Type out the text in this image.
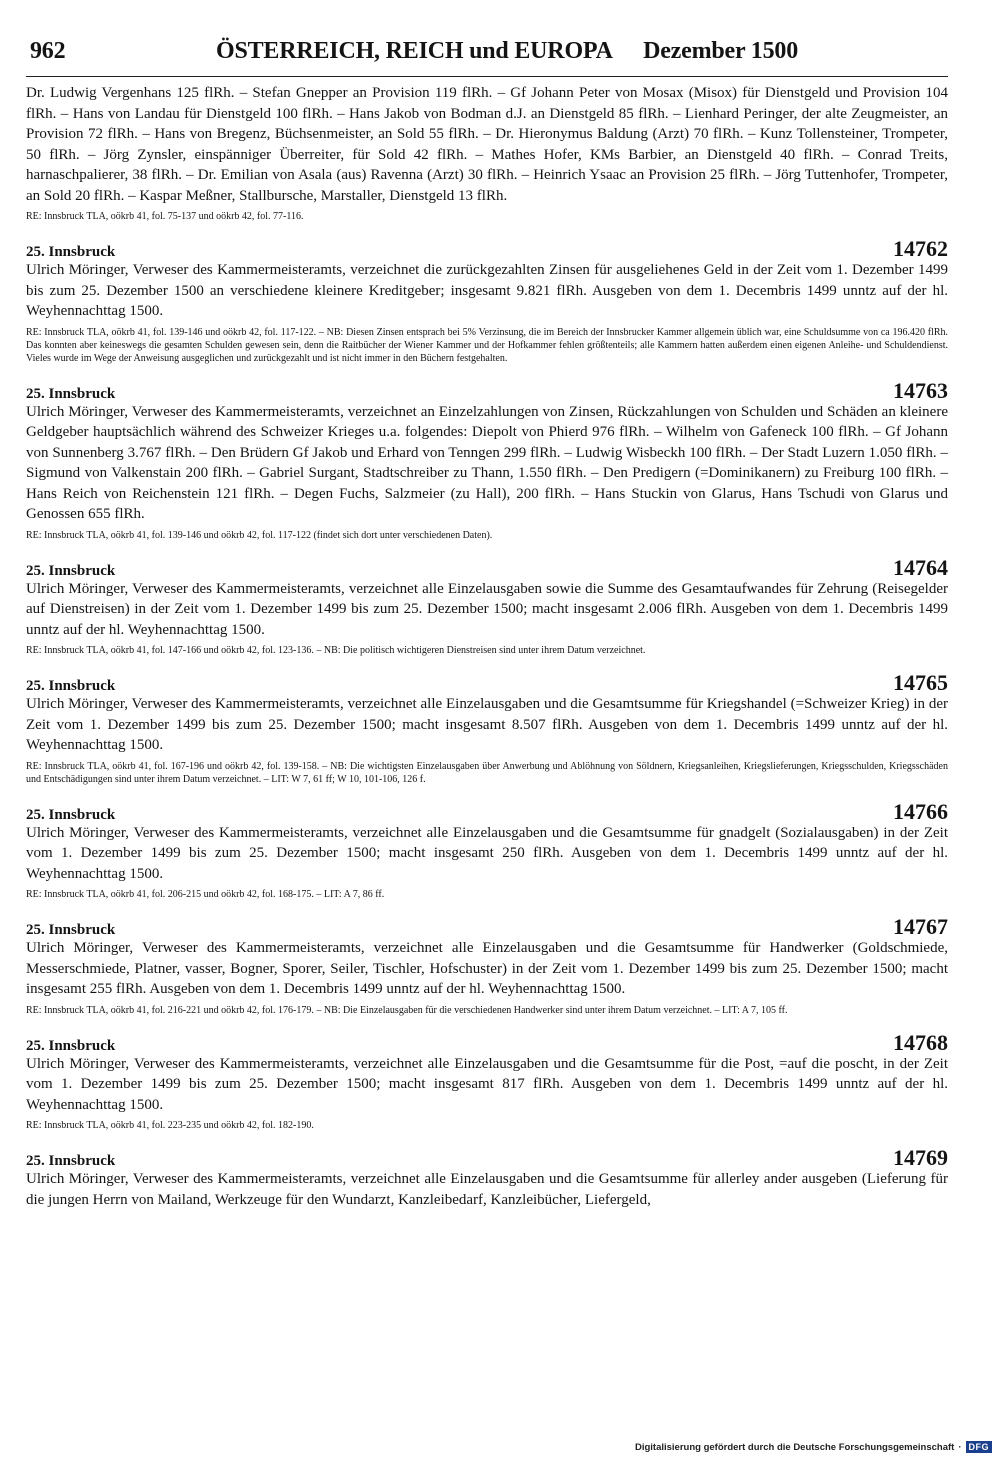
962	ÖSTERREICH, REICH und EUROPA Dezember 1500

Dr. Ludwig Vergenhans 125 flRh. – Stefan Gnepper an Provision 119 flRh. – Gf Johann Peter von Mosax (Misox) für Dienstgeld und Provision 104 flRh. – Hans von Landau für Dienstgeld 100 flRh. – Hans Jakob von Bodman d.J. an Dienstgeld 85 flRh. – Lienhard Peringer, der alte Zeugmeister, an Provision 72 flRh. – Hans von Bregenz, Büchsenmeister, an Sold 55 flRh. – Dr. Hieronymus Baldung (Arzt) 70 flRh. – Kunz Tollensteiner, Trompeter, 50 flRh. – Jörg Zynsler, einspänniger Überreiter, für Sold 42 flRh. – Mathes Hofer, KMs Barbier, an Dienstgeld 40 flRh. – Conrad Treits, harnaschpalierer, 38 flRh. – Dr. Emilian von Asala (aus) Ravenna (Arzt) 30 flRh. – Heinrich Ysaac an Provision 25 flRh. – Jörg Tuttenhofer, Trompeter, an Sold 20 flRh. – Kaspar Meßner, Stallbursche, Marstaller, Dienstgeld 13 flRh.

RE: Innsbruck TLA, oökrb 41, fol. 75-137 und oökrb 42, fol. 77-116.

25. Innsbruck	14762

Ulrich Möringer, Verweser des Kammermeisteramts, verzeichnet die zurückgezahlten Zinsen für ausgeliehenes Geld in der Zeit vom 1. Dezember 1499 bis zum 25. Dezember 1500 an verschiedene kleinere Kreditgeber; insgesamt 9.821 flRh. Ausgeben von dem 1. Decembris 1499 unntz auf der hl. Weyhennachttag 1500.

RE: Innsbruck TLA, oökrb 41, fol. 139-146 und oökrb 42, fol. 117-122. – NB: Diesen Zinsen entsprach bei 5% Verzinsung, die im Bereich der Innsbrucker Kammer allgemein üblich war, eine Schuldsumme von ca 196.420 flRh. Das konnten aber keineswegs die gesamten Schulden gewesen sein, denn die Raitbücher der Wiener Kammer und der Hofkammer fehlen größtenteils; alle Kammern hatten außerdem einen eigenen Anleihe- und Schuldendienst. Vieles wurde im Wege der Anweisung ausgeglichen und zurückgezahlt und ist nicht immer in den Büchern festgehalten.

25. Innsbruck	14763

Ulrich Möringer, Verweser des Kammermeisteramts, verzeichnet an Einzelzahlungen von Zinsen, Rückzahlungen von Schulden und Schäden an kleinere Geldgeber hauptsächlich während des Schweizer Krieges u.a. folgendes: Diepolt von Phierd 976 flRh. – Wilhelm von Gafeneck 100 flRh. – Gf Johann von Sunnenberg 3.767 flRh. – Den Brüdern Gf Jakob und Erhard von Tenngen 299 flRh. – Ludwig Wisbeckh 100 flRh. – Der Stadt Luzern 1.050 flRh. – Sigmund von Valkenstain 200 flRh. – Gabriel Surgant, Stadtschreiber zu Thann, 1.550 flRh. – Den Predigern (=Dominikanern) zu Freiburg 100 flRh. – Hans Reich von Reichenstein 121 flRh. – Degen Fuchs, Salzmeier (zu Hall), 200 flRh. – Hans Stuckin von Glarus, Hans Tschudi von Glarus und Genossen 655 flRh.

RE: Innsbruck TLA, oökrb 41, fol. 139-146 und oökrb 42, fol. 117-122 (findet sich dort unter verschiedenen Daten).

25. Innsbruck	14764

Ulrich Möringer, Verweser des Kammermeisteramts, verzeichnet alle Einzelausgaben sowie die Summe des Gesamtaufwandes für Zehrung (Reisegelder auf Dienstreisen) in der Zeit vom 1. Dezember 1499 bis zum 25. Dezember 1500; macht insgesamt 2.006 flRh. Ausgeben von dem 1. Decembris 1499 unntz auf der hl. Weyhennachttag 1500.

RE: Innsbruck TLA, oökrb 41, fol. 147-166 und oökrb 42, fol. 123-136. – NB: Die politisch wichtigeren Dienstreisen sind unter ihrem Datum verzeichnet.

25. Innsbruck	14765

Ulrich Möringer, Verweser des Kammermeisteramts, verzeichnet alle Einzelausgaben und die Gesamtsumme für Kriegshandel (=Schweizer Krieg) in der Zeit vom 1. Dezember 1499 bis zum 25. Dezember 1500; macht insgesamt 8.507 flRh. Ausgeben von dem 1. Decembris 1499 unntz auf der hl. Weyhennachttag 1500.

RE: Innsbruck TLA, oökrb 41, fol. 167-196 und oökrb 42, fol. 139-158. – NB: Die wichtigsten Einzelausgaben über Anwerbung und Ablöhnung von Söldnern, Kriegsanleihen, Kriegslieferungen, Kriegsschulden, Kriegsschäden und Entschädigungen sind unter ihrem Datum verzeichnet. – LIT: W 7, 61 ff; W 10, 101-106, 126 f.

25. Innsbruck	14766

Ulrich Möringer, Verweser des Kammermeisteramts, verzeichnet alle Einzelausgaben und die Gesamtsumme für gnadgelt (Sozialausgaben) in der Zeit vom 1. Dezember 1499 bis zum 25. Dezember 1500; macht insgesamt 250 flRh. Ausgeben von dem 1. Decembris 1499 unntz auf der hl. Weyhennachttag 1500.

RE: Innsbruck TLA, oökrb 41, fol. 206-215 und oökrb 42, fol. 168-175. – LIT: A 7, 86 ff.

25. Innsbruck	14767

Ulrich Möringer, Verweser des Kammermeisteramts, verzeichnet alle Einzelausgaben und die Gesamtsumme für Handwerker (Goldschmiede, Messerschmiede, Platner, vasser, Bogner, Sporer, Seiler, Tischler, Hofschuster) in der Zeit vom 1. Dezember 1499 bis zum 25. Dezember 1500; macht insgesamt 255 flRh. Ausgeben von dem 1. Decembris 1499 unntz auf der hl. Weyhennachttag 1500.

RE: Innsbruck TLA, oökrb 41, fol. 216-221 und oökrb 42, fol. 176-179. – NB: Die Einzelausgaben für die verschiedenen Handwerker sind unter ihrem Datum verzeichnet. – LIT: A 7, 105 ff.

25. Innsbruck	14768

Ulrich Möringer, Verweser des Kammermeisteramts, verzeichnet alle Einzelausgaben und die Gesamtsumme für die Post, =auf die poscht, in der Zeit vom 1. Dezember 1499 bis zum 25. Dezember 1500; macht insgesamt 817 flRh. Ausgeben von dem 1. Decembris 1499 unntz auf der hl. Weyhennachttag 1500.

RE: Innsbruck TLA, oökrb 41, fol. 223-235 und oökrb 42, fol. 182-190.

25. Innsbruck	14769

Ulrich Möringer, Verweser des Kammermeisteramts, verzeichnet alle Einzelausgaben und die Gesamtsumme für allerley ander ausgeben (Lieferung für die jungen Herrn von Mailand, Werkzeuge für den Wundarzt, Kanzleibedarf, Kanzleibücher, Liefergeld,

Digitalisierung gefördert durch die Deutsche Forschungsgemeinschaft · DFG
